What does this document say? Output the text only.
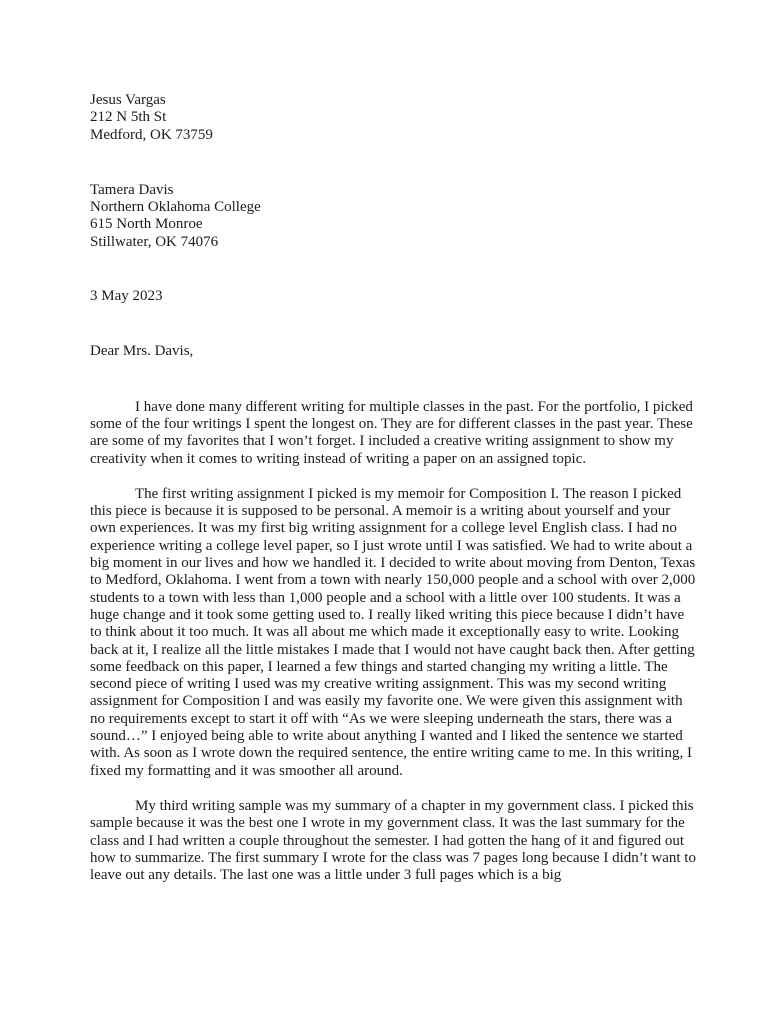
Jesus Vargas
212 N 5th St
Medford, OK 73759
Tamera Davis
Northern Oklahoma College
615 North Monroe
Stillwater, OK 74076
3 May 2023
Dear Mrs. Davis,

I have done many different writing for multiple classes in the past. For the portfolio, I picked some of the four writings I spent the longest on. They are for different classes in the past year. These are some of my favorites that I won’t forget. I included a creative writing assignment to show my creativity when it comes to writing instead of writing a paper on an assigned topic.

The first writing assignment I picked is my memoir for Composition I. The reason I picked this piece is because it is supposed to be personal. A memoir is a writing about yourself and your own experiences. It was my first big writing assignment for a college level English class. I had no experience writing a college level paper, so I just wrote until I was satisfied. We had to write about a big moment in our lives and how we handled it. I decided to write about moving from Denton, Texas to Medford, Oklahoma. I went from a town with nearly 150,000 people and a school with over 2,000 students to a town with less than 1,000 people and a school with a little over 100 students. It was a huge change and it took some getting used to. I really liked writing this piece because I didn’t have to think about it too much. It was all about me which made it exceptionally easy to write. Looking back at it, I realize all the little mistakes I made that I would not have caught back then. After getting some feedback on this paper, I learned a few things and started changing my writing a little. The second piece of writing I used was my creative writing assignment. This was my second writing assignment for Composition I and was easily my favorite one. We were given this assignment with no requirements except to start it off with “As we were sleeping underneath the stars, there was a sound…” I enjoyed being able to write about anything I wanted and I liked the sentence we started with. As soon as I wrote down the required sentence, the entire writing came to me. In this writing, I fixed my formatting and it was smoother all around.

My third writing sample was my summary of a chapter in my government class. I picked this sample because it was the best one I wrote in my government class. It was the last summary for the class and I had written a couple throughout the semester. I had gotten the hang of it and figured out how to summarize. The first summary I wrote for the class was 7 pages long because I didn’t want to leave out any details. The last one was a little under 3 full pages which is a big
